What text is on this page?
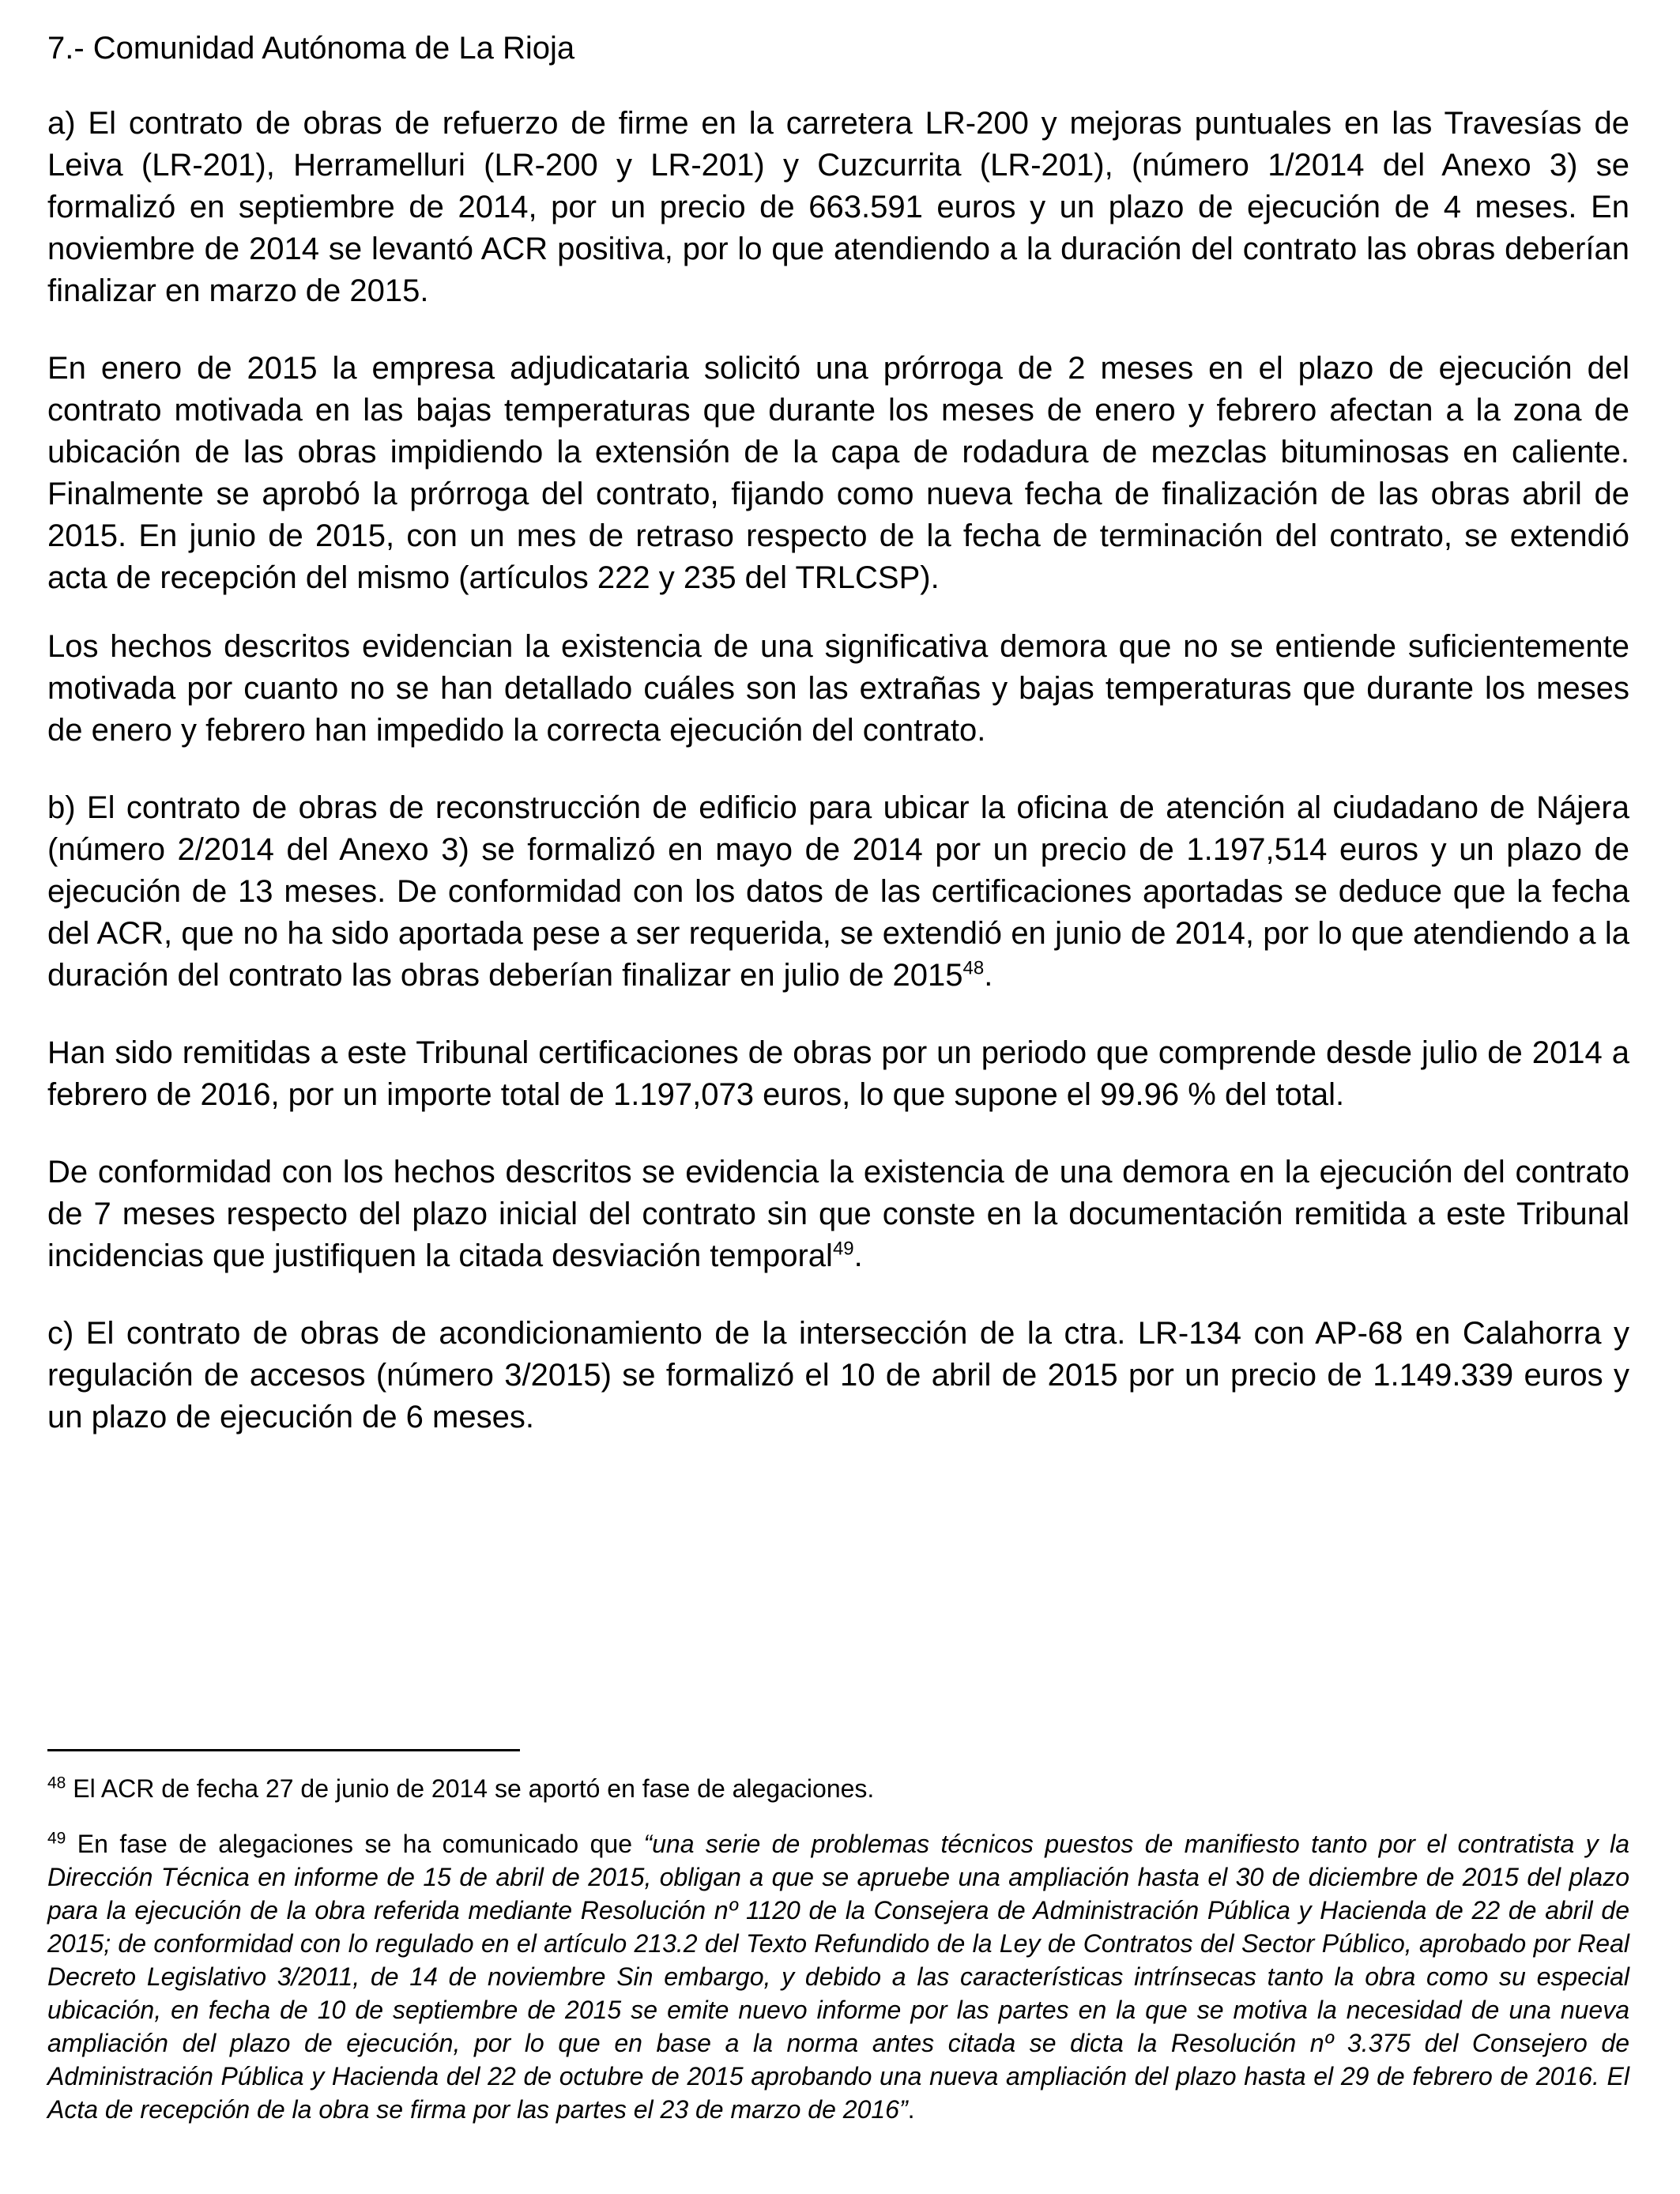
7.- Comunidad Autónoma de La Rioja

a) El contrato de obras de refuerzo de firme en la carretera LR-200 y mejoras puntuales en las Travesías de Leiva (LR-201), Herramelluri (LR-200 y LR-201) y Cuzcurrita (LR-201), (número 1/2014 del Anexo 3) se formalizó en septiembre de 2014, por un precio de 663.591 euros y un plazo de ejecución de 4 meses. En noviembre de 2014 se levantó ACR positiva, por lo que atendiendo a la duración del contrato las obras deberían finalizar en marzo de 2015.

En enero de 2015 la empresa adjudicataria solicitó una prórroga de 2 meses en el plazo de ejecución del contrato motivada en las bajas temperaturas que durante los meses de enero y febrero afectan a la zona de ubicación de las obras impidiendo la extensión de la capa de rodadura de mezclas bituminosas en caliente. Finalmente se aprobó la prórroga del contrato, fijando como nueva fecha de finalización de las obras abril de 2015. En junio de 2015, con un mes de retraso respecto de la fecha de terminación del contrato, se extendió acta de recepción del mismo (artículos 222 y 235 del TRLCSP).

Los hechos descritos evidencian la existencia de una significativa demora que no se entiende suficientemente motivada por cuanto no se han detallado cuáles son las extrañas y bajas temperaturas que durante los meses de enero y febrero han impedido la correcta ejecución del contrato.

b) El contrato de obras de reconstrucción de edificio para ubicar la oficina de atención al ciudadano de Nájera (número 2/2014 del Anexo 3) se formalizó en mayo de 2014 por un precio de 1.197,514 euros y un plazo de ejecución de 13 meses. De conformidad con los datos de las certificaciones aportadas se deduce que la fecha del ACR, que no ha sido aportada pese a ser requerida, se extendió en junio de 2014, por lo que atendiendo a la duración del contrato las obras deberían finalizar en julio de 2015$^{48}$.

Han sido remitidas a este Tribunal certificaciones de obras por un periodo que comprende desde julio de 2014 a febrero de 2016, por un importe total de 1.197,073 euros, lo que supone el 99.96 % del total.

De conformidad con los hechos descritos se evidencia la existencia de una demora en la ejecución del contrato de 7 meses respecto del plazo inicial del contrato sin que conste en la documentación remitida a este Tribunal incidencias que justifiquen la citada desviación temporal$^{49}$.

c) El contrato de obras de acondicionamiento de la intersección de la ctra. LR-134 con AP-68 en Calahorra y regulación de accesos (número 3/2015) se formalizó el 10 de abril de 2015 por un precio de 1.149.339 euros y un plazo de ejecución de 6 meses.

$^{48}$ El ACR de fecha 27 de junio de 2014 se aportó en fase de alegaciones.

$^{49}$ En fase de alegaciones se ha comunicado que “una serie de problemas técnicos puestos de manifiesto tanto por el contratista y la Dirección Técnica en informe de 15 de abril de 2015, obligan a que se apruebe una ampliación hasta el 30 de diciembre de 2015 del plazo para la ejecución de la obra referida mediante Resolución nº 1120 de la Consejera de Administración Pública y Hacienda de 22 de abril de 2015; de conformidad con lo regulado en el artículo 213.2 del Texto Refundido de la Ley de Contratos del Sector Público, aprobado por Real Decreto Legislativo 3/2011, de 14 de noviembre Sin embargo, y debido a las características intrínsecas tanto la obra como su especial ubicación, en fecha de 10 de septiembre de 2015 se emite nuevo informe por las partes en la que se motiva la necesidad de una nueva ampliación del plazo de ejecución, por lo que en base a la norma antes citada se dicta la Resolución nº 3.375 del Consejero de Administración Pública y Hacienda del 22 de octubre de 2015 aprobando una nueva ampliación del plazo hasta el 29 de febrero de 2016. El Acta de recepción de la obra se firma por las partes el 23 de marzo de 2016”.
